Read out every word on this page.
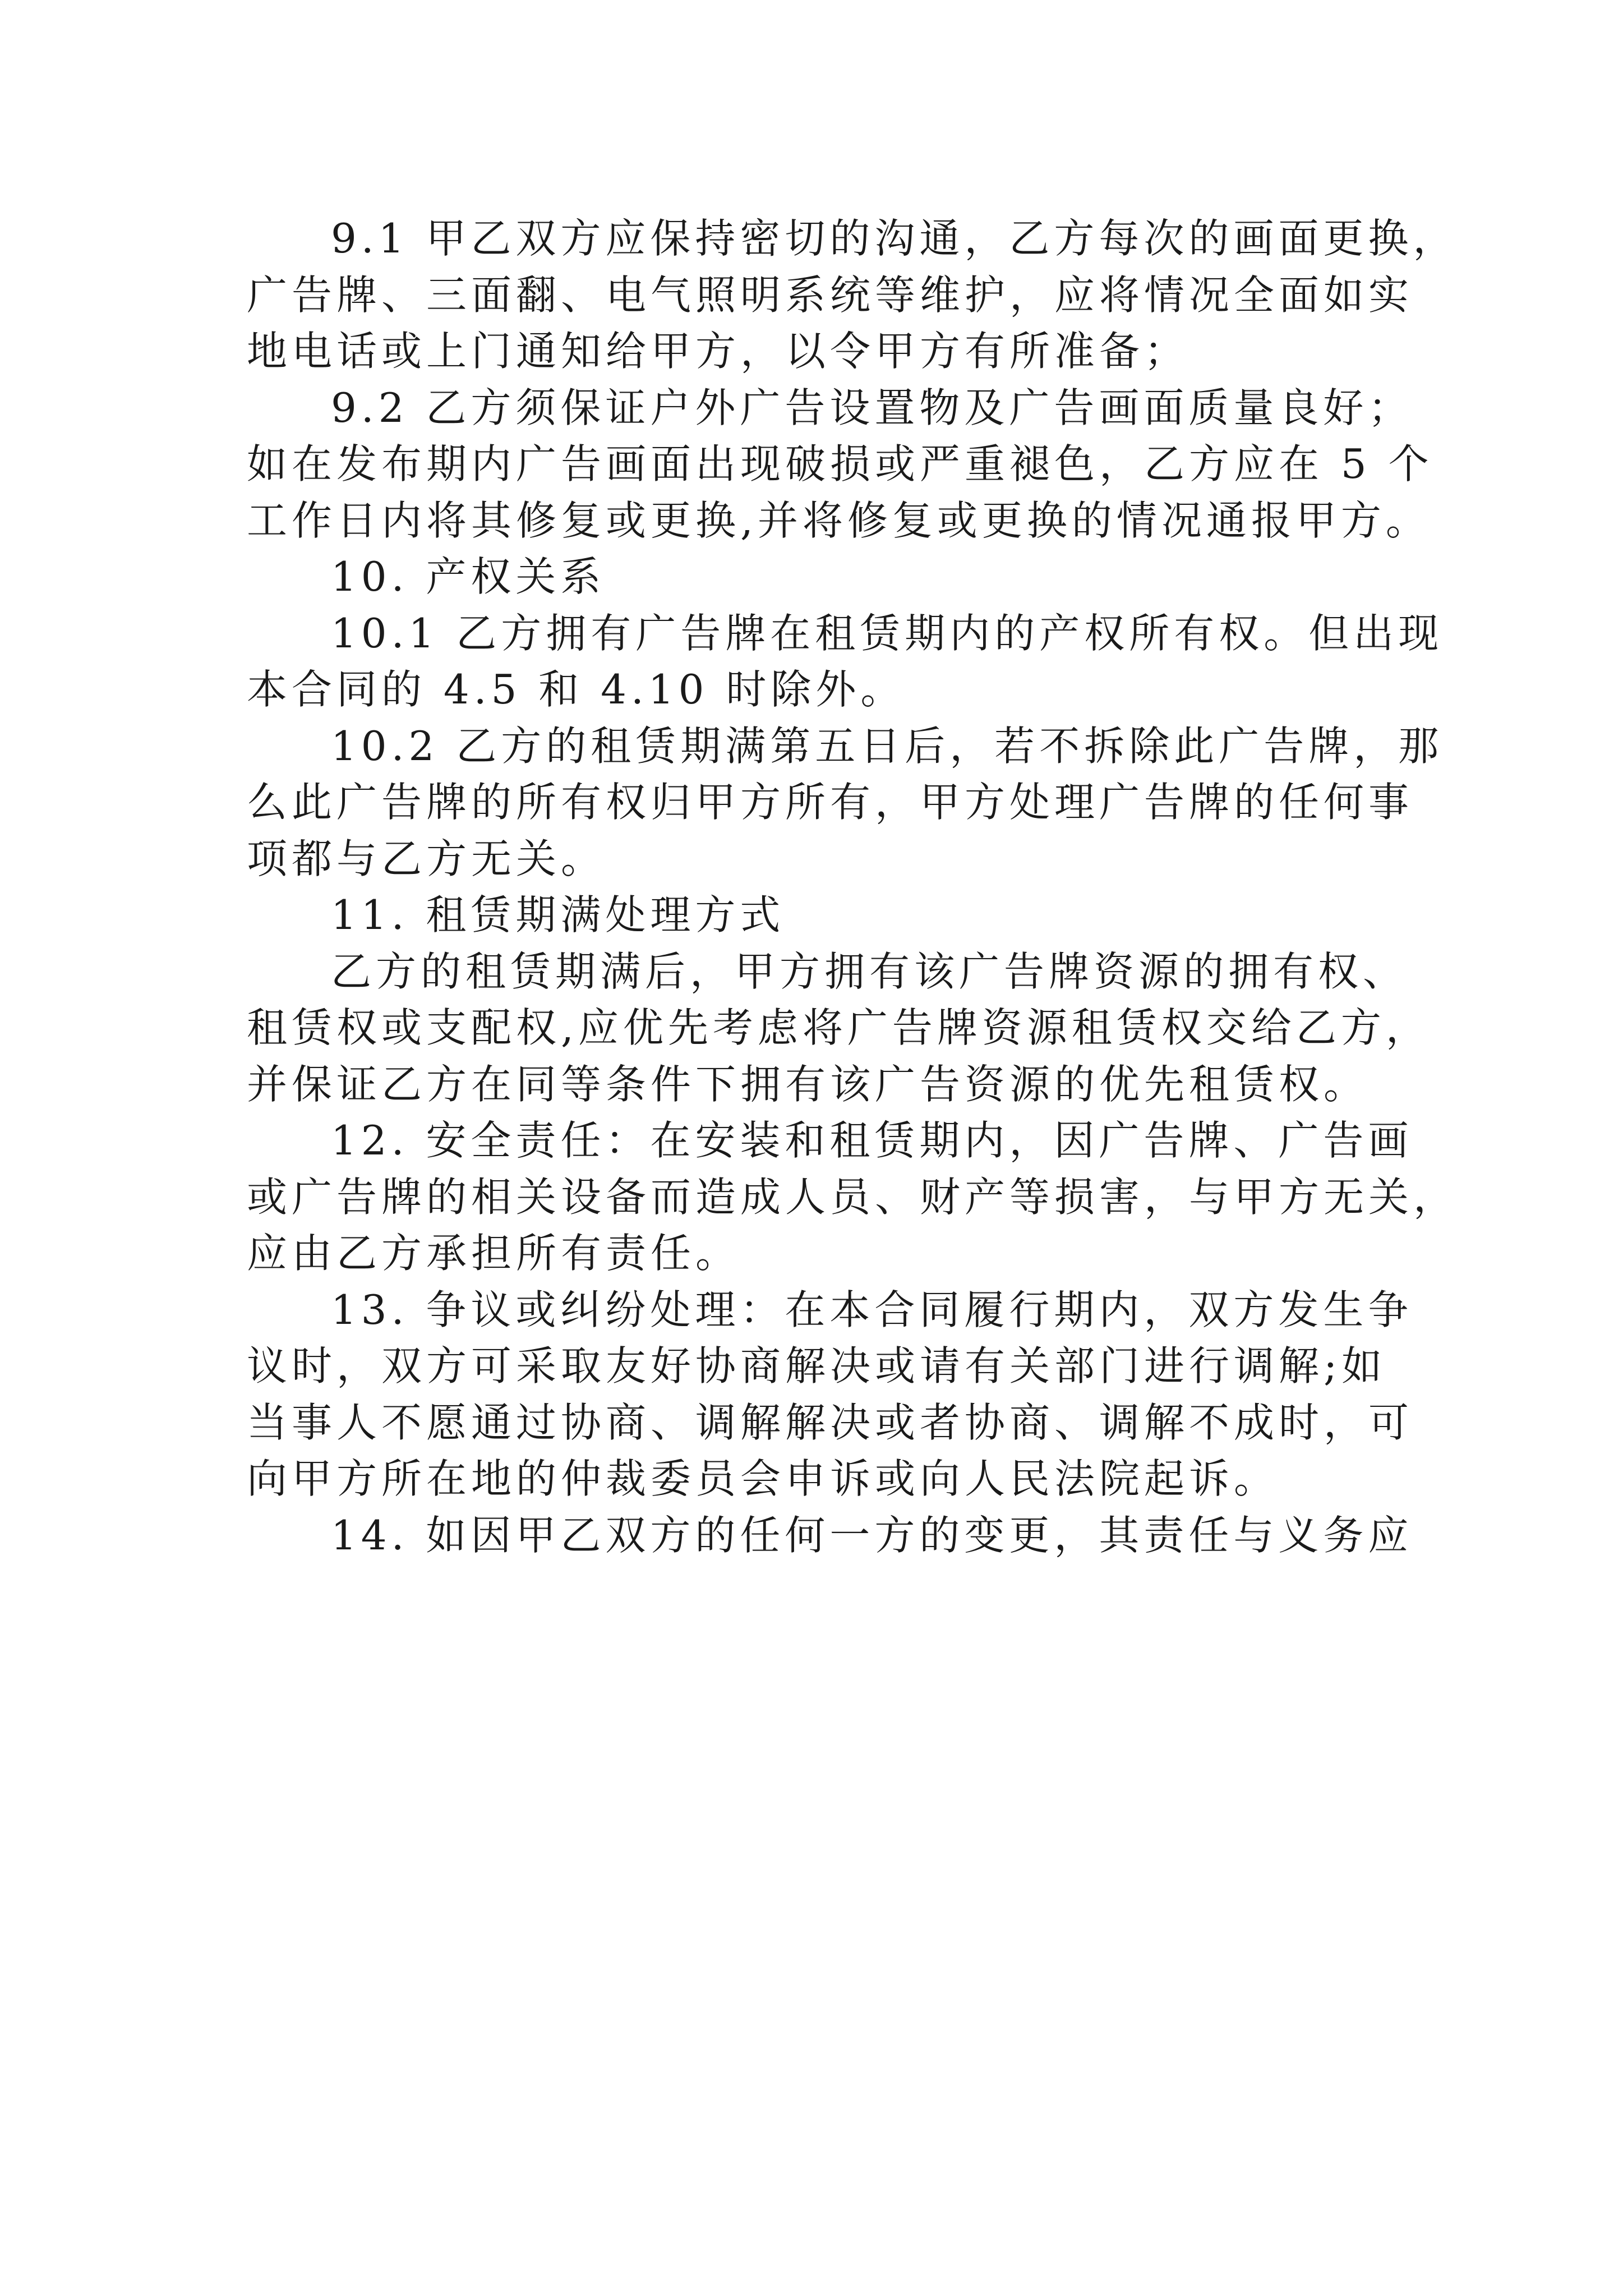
9.1 甲乙双方应保持密切的沟通，乙方每次的画面更换，
广告牌、三面翻、电气照明系统等维护，应将情况全面如实
地电话或上门通知给甲方，以令甲方有所准备；

9.2 乙方须保证户外广告设置物及广告画面质量良好；
如在发布期内广告画面出现破损或严重褪色，乙方应在 5 个
工作日内将其修复或更换,并将修复或更换的情况通报甲方。

10. 产权关系

10.1 乙方拥有广告牌在租赁期内的产权所有权。但出现
本合同的 4.5 和 4.10 时除外。

10.2 乙方的租赁期满第五日后，若不拆除此广告牌，那
么此广告牌的所有权归甲方所有，甲方处理广告牌的任何事
项都与乙方无关。

11. 租赁期满处理方式

乙方的租赁期满后，甲方拥有该广告牌资源的拥有权、
租赁权或支配权,应优先考虑将广告牌资源租赁权交给乙方，
并保证乙方在同等条件下拥有该广告资源的优先租赁权。

12. 安全责任：在安装和租赁期内，因广告牌、广告画
或广告牌的相关设备而造成人员、财产等损害，与甲方无关，
应由乙方承担所有责任。

13. 争议或纠纷处理：在本合同履行期内，双方发生争
议时，双方可采取友好协商解决或请有关部门进行调解;如
当事人不愿通过协商、调解解决或者协商、调解不成时，可
向甲方所在地的仲裁委员会申诉或向人民法院起诉。

14. 如因甲乙双方的任何一方的变更，其责任与义务应
